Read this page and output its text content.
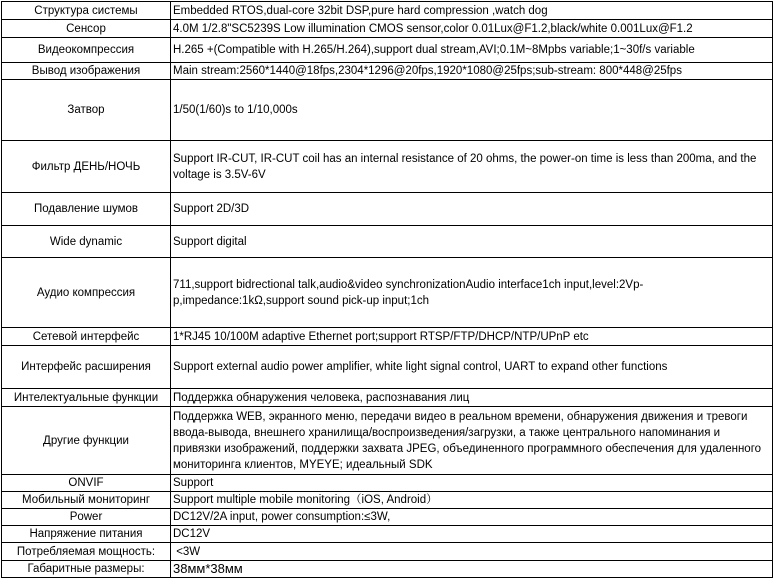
Структура системы	Embedded RTOS,dual-core 32bit DSP,pure hard compression ,watch dog
Сенсор	4.0M 1/2.8"SC5239S Low illumination CMOS sensor,color 0.01Lux@F1.2,black/white 0.001Lux@F1.2
Видеокомпрессия	H.265 +(Compatible with H.265/H.264),support dual stream,AVI;0.1M~8Mpbs variable;1~30f/s variable
Вывод изображения	Main stream:2560*1440@18fps,2304*1296@20fps,1920*1080@25fps;sub-stream: 800*448@25fps
Затвор	1/50(1/60)s to 1/10,000s
Фильтр ДЕНЬ/НОЧЬ	Support IR-CUT, IR-CUT coil has an internal resistance of 20 ohms, the power-on time is less than 200ma, and the voltage is 3.5V-6V
Подавление шумов	Support 2D/3D
Wide dynamic	Support digital
Аудио компрессия	711,support bidrectional talk,audio&video synchronizationAudio interface1ch input,level:2Vp-p,impedance:1kΩ,support sound pick-up input;1ch
Сетевой интерфейс	1*RJ45 10/100M adaptive Ethernet port;support RTSP/FTP/DHCP/NTP/UPnP etc
Интерфейс расширения	Support external audio power amplifier, white light signal control, UART to expand other functions
Интелектуальные функции	Поддержка обнаружения человека, распознавания лиц
Другие функции	Поддержка WEB, экранного меню, передачи видео в реальном времени, обнаружения движения и тревоги ввода-вывода, внешнего хранилища/воспроизведения/загрузки, а также центрального напоминания и привязки изображений, поддержки захвата JPEG, объединенного программного обеспечения для удаленного мониторинга клиентов, MYEYE; идеальный SDK
ONVIF	Support
Мобильный мониторинг	Support multiple mobile monitoring（iOS, Android）
Power	DC12V/2A input, power consumption:≤3W,
Напряжение питания	DC12V
Потребляемая мощность:	<3W
Габаритные размеры:	38мм*38мм
